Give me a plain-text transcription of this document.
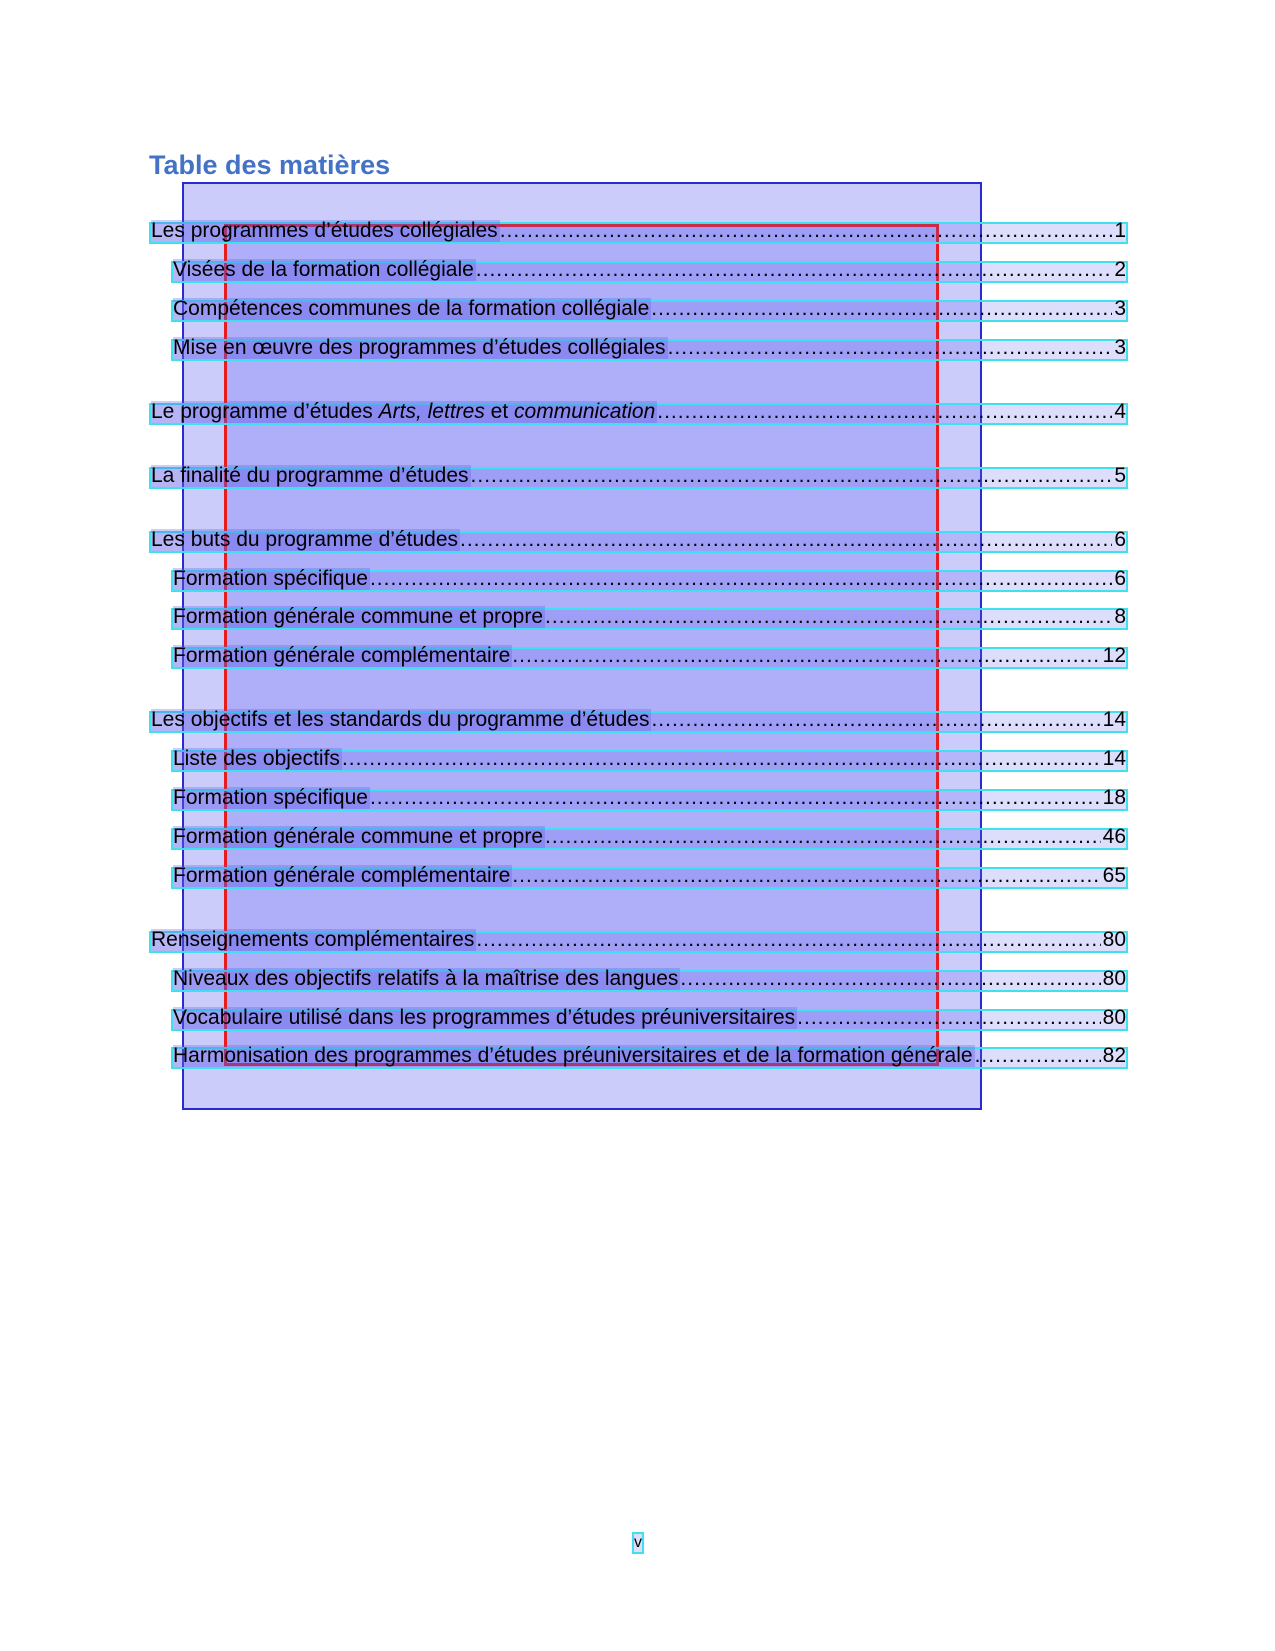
Table des matières
Les programmes d’études collégiales .....	1
Visées de la formation collégiale .....	2
Compétences communes de la formation collégiale .....	3
Mise en œuvre des programmes d’études collégiales .....	3
Le programme d’études Arts, lettres et communication .....	4
La finalité du programme d’études .....	5
Les buts du programme d’études .....	6
Formation spécifique .....	6
Formation générale commune et propre .....	8
Formation générale complémentaire .....	12
Les objectifs et les standards du programme d’études .....	14
Liste des objectifs .....	14
Formation spécifique .....	18
Formation générale commune et propre .....	46
Formation générale complémentaire .....	65
Renseignements complémentaires .....	80
Niveaux des objectifs relatifs à la maîtrise des langues .....	80
Vocabulaire utilisé dans les programmes d’études préuniversitaires .....	80
Harmonisation des programmes d’études préuniversitaires et de la formation générale .....	82
v
